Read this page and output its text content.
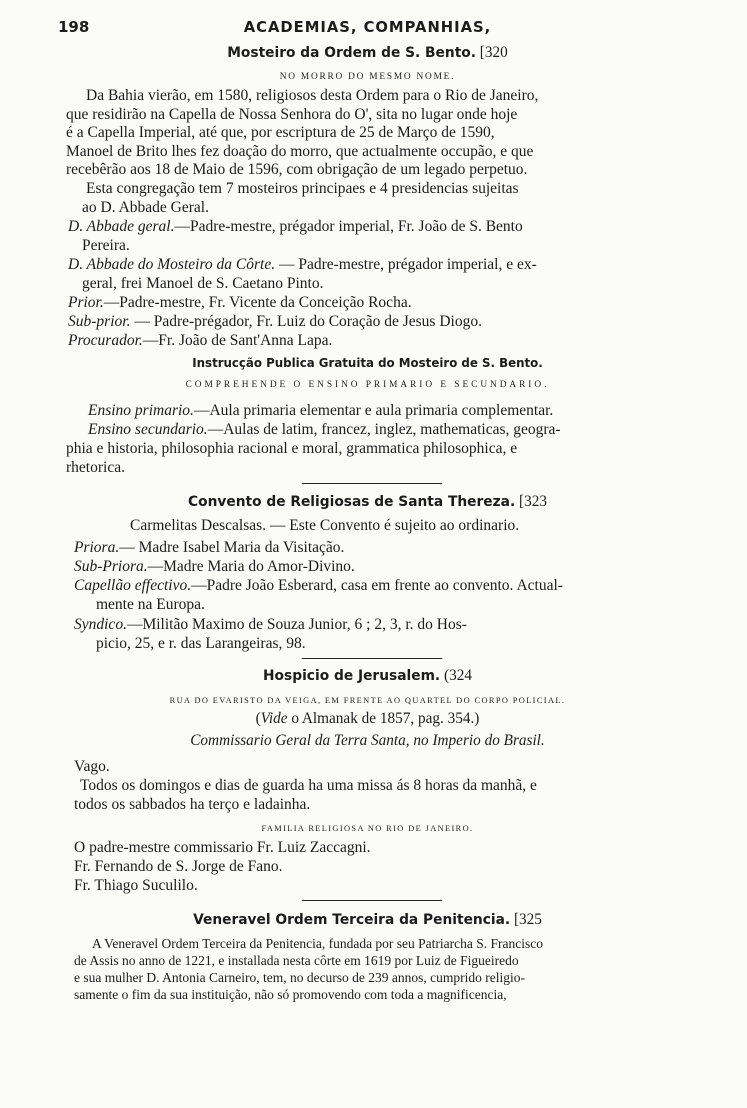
198	ACADEMIAS, COMPANHIAS,
Mosteiro da Ordem de S. Bento. [320
NO MORRO DO MESMO NOME.
Da Bahia vierão, em 1580, religiosos desta Ordem para o Rio de Janeiro,
que residirão na Capella de Nossa Senhora do O', sita no lugar onde hoje
é a Capella Imperial, até que, por escriptura de 25 de Março de 1590,
Manoel de Brito lhes fez doação do morro, que actualmente occupão, e que
recebêrão aos 18 de Maio de 1596, com obrigação de um legado perpetuo.
Esta congregação tem 7 mosteiros principaes e 4 presidencias sujeitas
ao D. Abbade Geral.
D. Abbade geral.—Padre-mestre, prégador imperial, Fr. João de S. Bento
Pereira.
D. Abbade do Mosteiro da Côrte. — Padre-mestre, prégador imperial, e ex-
geral, frei Manoel de S. Caetano Pinto.
Prior.—Padre-mestre, Fr. Vicente da Conceição Rocha.
Sub-prior. — Padre-prégador, Fr. Luiz do Coração de Jesus Diogo.
Procurador.—Fr. João de Sant'Anna Lapa.
Instrucção Publica Gratuita do Mosteiro de S. Bento.
COMPREHENDE O ENSINO PRIMARIO E SECUNDARIO.
Ensino primario.—Aula primaria elementar e aula primaria complementar.
Ensino secundario.—Aulas de latim, francez, inglez, mathematicas, geogra-
phia e historia, philosophia racional e moral, grammatica philosophica, e
rhetorica.
Convento de Religiosas de Santa Thereza. [323
Carmelitas Descalsas. — Este Convento é sujeito ao ordinario.
Priora.— Madre Isabel Maria da Visitação.
Sub-Priora.—Madre Maria do Amor-Divino.
Capellão effectivo.—Padre João Esberard, casa em frente ao convento. Actual-
mente na Europa.
Syndico.—Militão Maximo de Souza Junior, 6 ; 2, 3, r. do Hos-
picio, 25, e r. das Larangeiras, 98.
Hospicio de Jerusalem. (324
RUA DO EVARISTO DA VEIGA, EM FRENTE AO QUARTEL DO CORPO POLICIAL.
(Vide o Almanak de 1857, pag. 354.)
Commissario Geral da Terra Santa, no Imperio do Brasil.
Vago.
Todos os domingos e dias de guarda ha uma missa ás 8 horas da manhã, e
todos os sabbados ha terço e ladainha.
FAMILIA RELIGIOSA NO RIO DE JANEIRO.
O padre-mestre commissario Fr. Luiz Zaccagni.
Fr. Fernando de S. Jorge de Fano.
Fr. Thiago Suculilo.
Veneravel Ordem Terceira da Penitencia. [325
A Veneravel Ordem Terceira da Penitencia, fundada por seu Patriarcha S. Francisco
de Assis no anno de 1221, e installada nesta côrte em 1619 por Luiz de Figueiredo
e sua mulher D. Antonia Carneiro, tem, no decurso de 239 annos, cumprido religio-
samente o fim da sua instituição, não só promovendo com toda a magnificencia,
